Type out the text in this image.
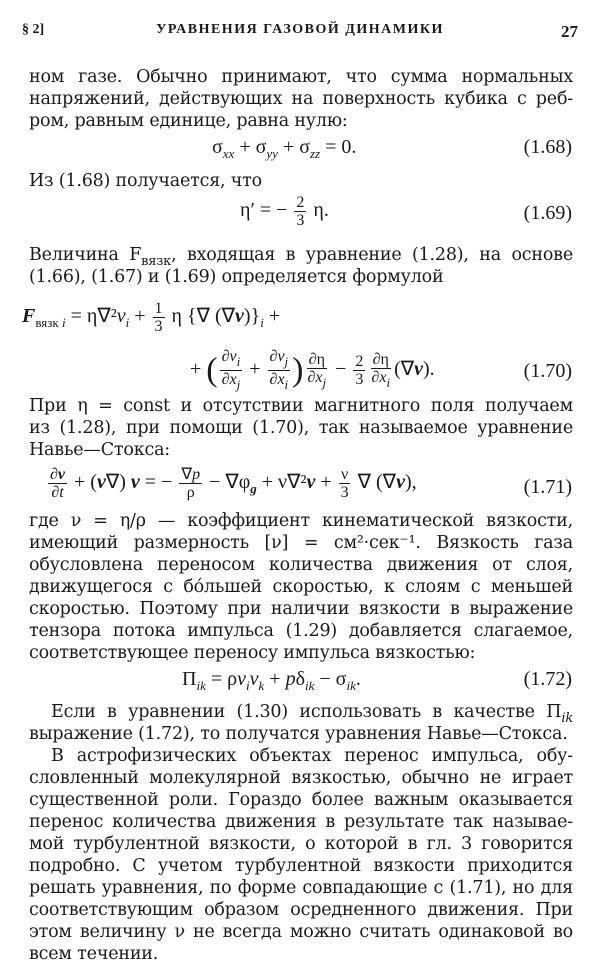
§ 2]	УРАВНЕНИЯ ГАЗОВОЙ ДИНАМИКИ	27
ном газе. Обычно принимают, что сумма нормальных
напряжений, действующих на поверхность кубика с реб-
ром, равным единице, равна нулю:
$\sigma_{xx} + \sigma_{yy} + \sigma_{zz} = 0$.	(1.68)
Из (1.68) получается, что
η′ = − $\frac{2}{3} \eta$.	(1.69)
Величина $F_{вязк}$, входящая в уравнение (1.28), на основе
(1.66), (1.67) и (1.69) определяется формулой
$F_{вязк i} = \eta\nabla^2v_i + \frac{1}{3}$ η {∇ $(\nabla v)\}_i$ +
+ ( $\frac{\partial v_i}{\partial x_j} + \frac{\partial v_j}{\partial x_i}$ ) $\frac{\partial\eta}{\partial x_j} - \frac{2}{3} \frac{\partial\eta}{\partial x_i} (\nabla v)$.	(1.70)
При η = const и отсутствии магнитного поля получаем
из (1.28), при помощи (1.70), так называемое уравнение
Навье—Стокса:
$\frac{\partial v}{\partial t} + (v\nabla) v$ = − $\frac{\nabla p}{\rho} - \nabla\varphi_g + \nu\nabla^2v + \frac{\nu}{3}$ ∇ (∇v),	(1.71)
где ν = η/ρ — коэффициент кинематической вязкости,
имеющий размерность [ν] = см²·сек⁻¹. Вязкость газа
обусловлена переносом количества движения от слоя,
движущегося с бóльшей скоростью, к слоям с меньшей
скоростью. Поэтому при наличии вязкости в выражение
тензора потока импульса (1.29) добавляется слагаемое,
соответствующее переносу импульса вязкостью:
$\Pi_{ik} = \rho v_iv_k + p\delta_{ik} - \sigma_{ik}$.	(1.72)
Если в уравнении (1.30) использовать в качестве $\Pi_{ik}$
выражение (1.72), то получатся уравнения Навье—Стокса.
В астрофизических объектах перенос импульса, обу-
словленный молекулярной вязкостью, обычно не играет
существенной роли. Гораздо более важным оказывается
перенос количества движения в результате так называе-
мой турбулентной вязкости, о которой в гл. 3 говорится
подробно. С учетом турбулентной вязкости приходится
решать уравнения, по форме совпадающие с (1.71), но для
соответствующим образом осредненного движения. При
этом величину ν не всегда можно считать одинаковой во
всем течении.
